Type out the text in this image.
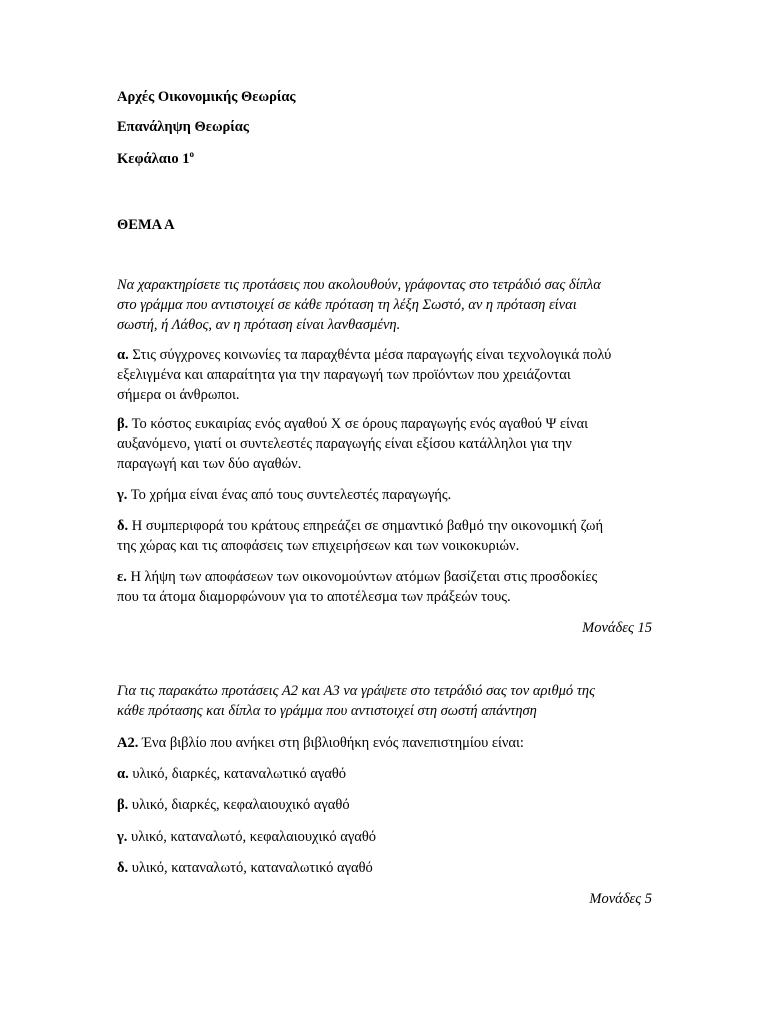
Αρχές Οικονομικής Θεωρίας
Επανάληψη Θεωρίας
Κεφάλαιο $1^o$
ΘΕΜΑ Α
Να χαρακτηρίσετε τις προτάσεις που ακολουθούν, γράφοντας στο τετράδιό σας δίπλα
στο γράμμα που αντιστοιχεί σε κάθε πρόταση τη λέξη Σωστό, αν η πρόταση είναι
σωστή, ή Λάθος, αν η πρόταση είναι λανθασμένη.
α. Στις σύγχρονες κοινωνίες τα παραχθέντα μέσα παραγωγής είναι τεχνολογικά πολύ
εξελιγμένα και απαραίτητα για την παραγωγή των προϊόντων που χρειάζονται
σήμερα οι άνθρωποι.
β. Το κόστος ευκαιρίας ενός αγαθού Χ σε όρους παραγωγής ενός αγαθού Ψ είναι
αυξανόμενο, γιατί οι συντελεστές παραγωγής είναι εξίσου κατάλληλοι για την
παραγωγή και των δύο αγαθών.
γ. Το χρήμα είναι ένας από τους συντελεστές παραγωγής.
δ. Η συμπεριφορά του κράτους επηρεάζει σε σημαντικό βαθμό την οικονομική ζωή
της χώρας και τις αποφάσεις των επιχειρήσεων και των νοικοκυριών.
ε. Η λήψη των αποφάσεων των οικονομούντων ατόμων βασίζεται στις προσδοκίες
που τα άτομα διαμορφώνουν για το αποτέλεσμα των πράξεών τους.
Μονάδες 15
Για τις παρακάτω προτάσεις Α2 και Α3 να γράψετε στο τετράδιό σας τον αριθμό της
κάθε πρότασης και δίπλα το γράμμα που αντιστοιχεί στη σωστή απάντηση
Α2. Ένα βιβλίο που ανήκει στη βιβλιοθήκη ενός πανεπιστημίου είναι:
α. υλικό, διαρκές, καταναλωτικό αγαθό
β. υλικό, διαρκές, κεφαλαιουχικό αγαθό
γ. υλικό, καταναλωτό, κεφαλαιουχικό αγαθό
δ. υλικό, καταναλωτό, καταναλωτικό αγαθό
Μονάδες 5
